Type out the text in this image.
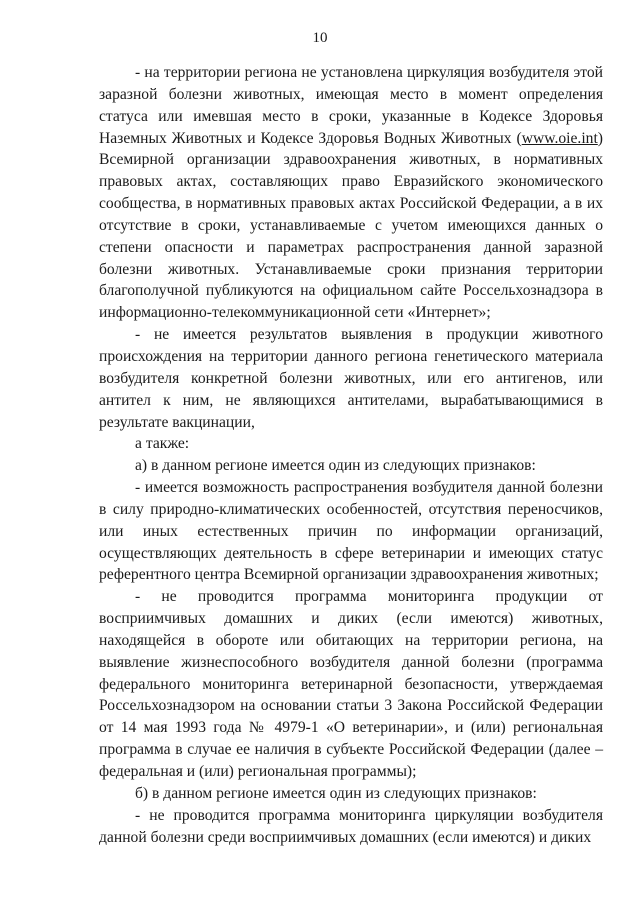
10

- на территории региона не установлена циркуляция возбудителя этой заразной болезни животных, имеющая место в момент определения статуса или имевшая место в сроки, указанные в Кодексе Здоровья Наземных Животных и Кодексе Здоровья Водных Животных (www.oie.int) Всемирной организации здравоохранения животных, в нормативных правовых актах, составляющих право Евразийского экономического сообщества, в нормативных правовых актах Российской Федерации, а в их отсутствие в сроки, устанавливаемые с учетом имеющихся данных о степени опасности и параметрах распространения данной заразной болезни животных. Устанавливаемые сроки признания территории благополучной публикуются на официальном сайте Россельхознадзора в информационно-телекоммуникационной сети «Интернет»;

- не имеется результатов выявления в продукции животного происхождения на территории данного региона генетического материала возбудителя конкретной болезни животных, или его антигенов, или антител к ним, не являющихся антителами, вырабатывающимися в результате вакцинации,

а также:

а) в данном регионе имеется один из следующих признаков:

- имеется возможность распространения возбудителя данной болезни в силу природно-климатических особенностей, отсутствия переносчиков, или иных естественных причин по информации организаций, осуществляющих деятельность в сфере ветеринарии и имеющих статус референтного центра Всемирной организации здравоохранения животных;

- не проводится программа мониторинга продукции от восприимчивых домашних и диких (если имеются) животных, находящейся в обороте или обитающих на территории региона, на выявление жизнеспособного возбудителя данной болезни (программа федерального мониторинга ветеринарной безопасности, утверждаемая Россельхознадзором на основании статьи 3 Закона Российской Федерации от 14 мая 1993 года № 4979-1 «О ветеринарии», и (или) региональная программа в случае ее наличия в субъекте Российской Федерации (далее – федеральная и (или) региональная программы);

б) в данном регионе имеется один из следующих признаков:

- не проводится программа мониторинга циркуляции возбудителя данной болезни среди восприимчивых домашних (если имеются) и диких
